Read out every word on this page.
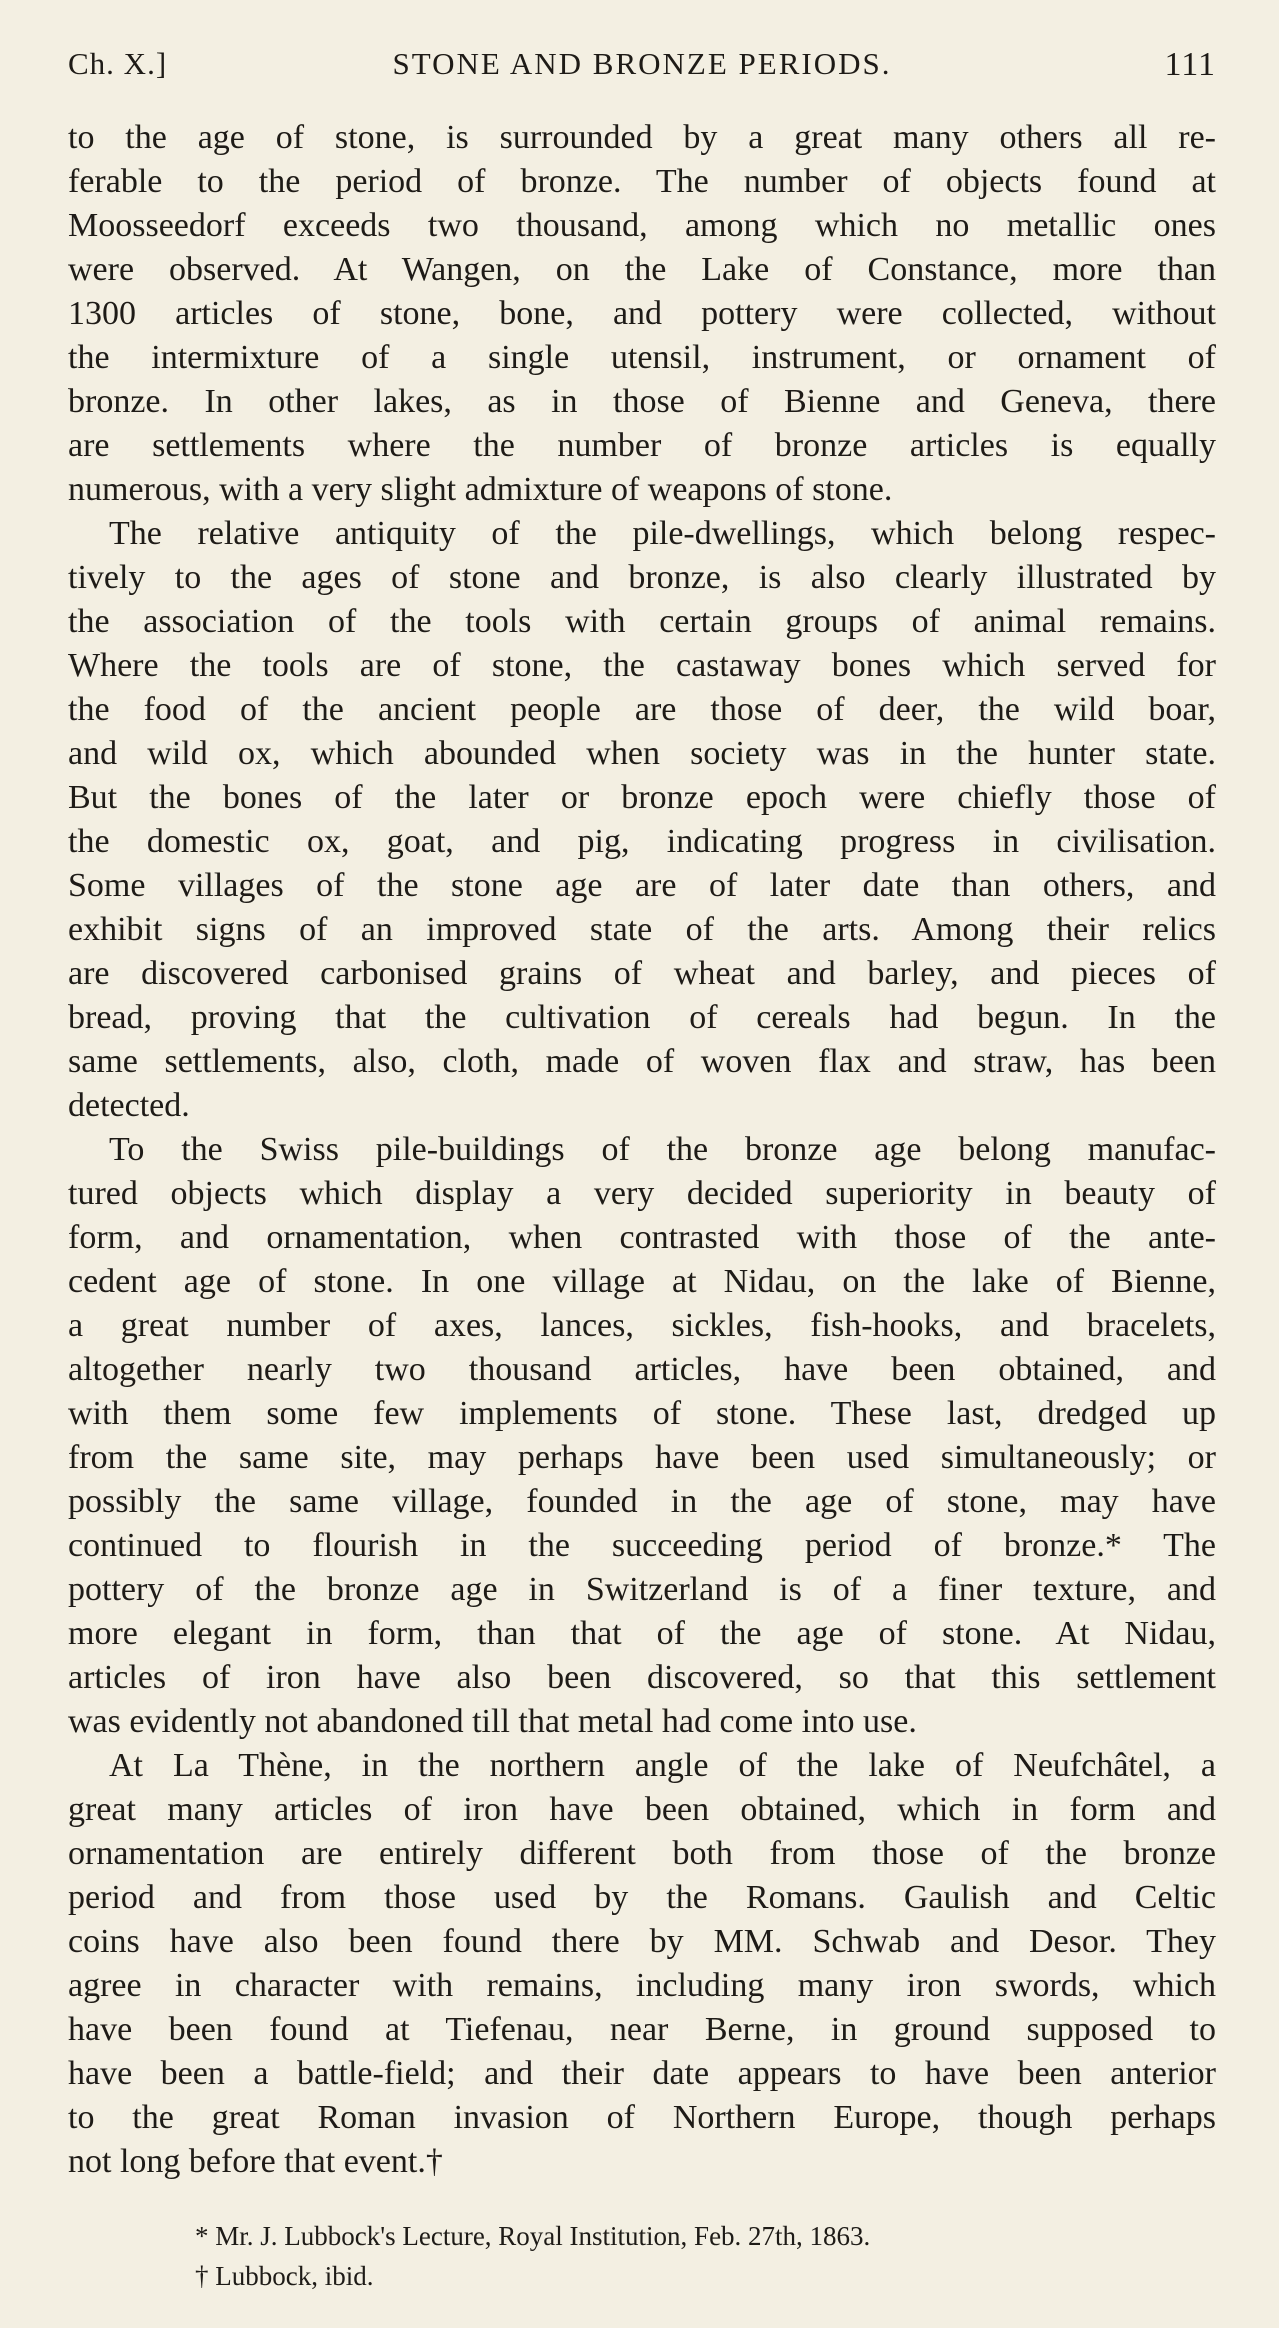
Ch. X.]	STONE AND BRONZE PERIODS.	111
to the age of stone, is surrounded by a great many others all re-
ferable to the period of bronze. The number of objects found at
Moosseedorf exceeds two thousand, among which no metallic ones
were observed. At Wangen, on the Lake of Constance, more than
1300 articles of stone, bone, and pottery were collected, without
the intermixture of a single utensil, instrument, or ornament of
bronze. In other lakes, as in those of Bienne and Geneva, there
are settlements where the number of bronze articles is equally
numerous, with a very slight admixture of weapons of stone.
The relative antiquity of the pile-dwellings, which belong respec-
tively to the ages of stone and bronze, is also clearly illustrated by
the association of the tools with certain groups of animal remains.
Where the tools are of stone, the castaway bones which served for
the food of the ancient people are those of deer, the wild boar,
and wild ox, which abounded when society was in the hunter state.
But the bones of the later or bronze epoch were chiefly those of
the domestic ox, goat, and pig, indicating progress in civilisation.
Some villages of the stone age are of later date than others, and
exhibit signs of an improved state of the arts. Among their relics
are discovered carbonised grains of wheat and barley, and pieces of
bread, proving that the cultivation of cereals had begun. In the
same settlements, also, cloth, made of woven flax and straw, has been
detected.
To the Swiss pile-buildings of the bronze age belong manufac-
tured objects which display a very decided superiority in beauty of
form, and ornamentation, when contrasted with those of the ante-
cedent age of stone. In one village at Nidau, on the lake of Bienne,
a great number of axes, lances, sickles, fish-hooks, and bracelets,
altogether nearly two thousand articles, have been obtained, and
with them some few implements of stone. These last, dredged up
from the same site, may perhaps have been used simultaneously; or
possibly the same village, founded in the age of stone, may have
continued to flourish in the succeeding period of bronze.* The
pottery of the bronze age in Switzerland is of a finer texture, and
more elegant in form, than that of the age of stone. At Nidau,
articles of iron have also been discovered, so that this settlement
was evidently not abandoned till that metal had come into use.
At La Thène, in the northern angle of the lake of Neufchâtel, a
great many articles of iron have been obtained, which in form and
ornamentation are entirely different both from those of the bronze
period and from those used by the Romans. Gaulish and Celtic
coins have also been found there by MM. Schwab and Desor. They
agree in character with remains, including many iron swords, which
have been found at Tiefenau, near Berne, in ground supposed to
have been a battle-field; and their date appears to have been anterior
to the great Roman invasion of Northern Europe, though perhaps
not long before that event.†
* Mr. J. Lubbock's Lecture, Royal Institution, Feb. 27th, 1863.
† Lubbock, ibid.
